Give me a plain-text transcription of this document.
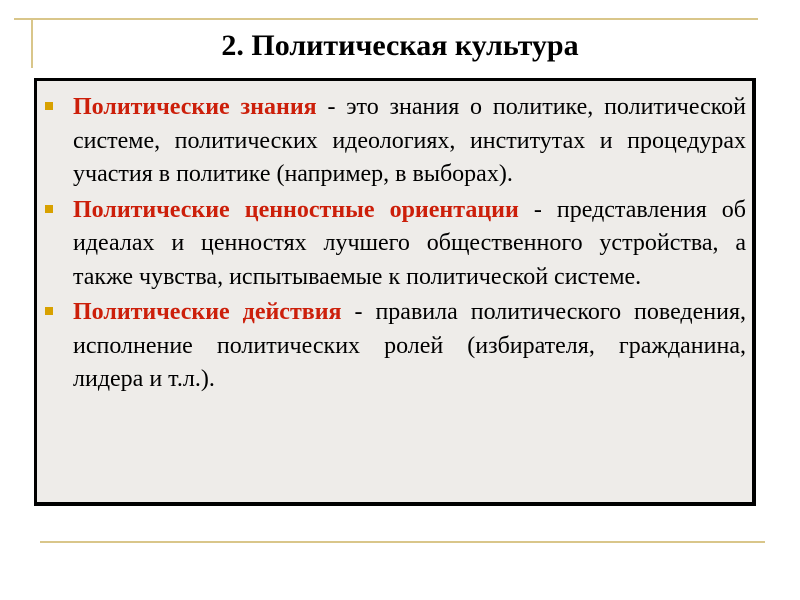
2. Политическая культура
Политические знания - это знания о политике, политической системе, политических идеологиях, институтах и процедурах участия в политике (например, в выборах).
Политические ценностные ориентации - представления об идеалах и ценностях лучшего общественного устройства, а также чувства, испытываемые к политической системе.
Политические действия - правила политического поведения, исполнение политических ролей (избирателя, гражданина, лидера и т.л.).
